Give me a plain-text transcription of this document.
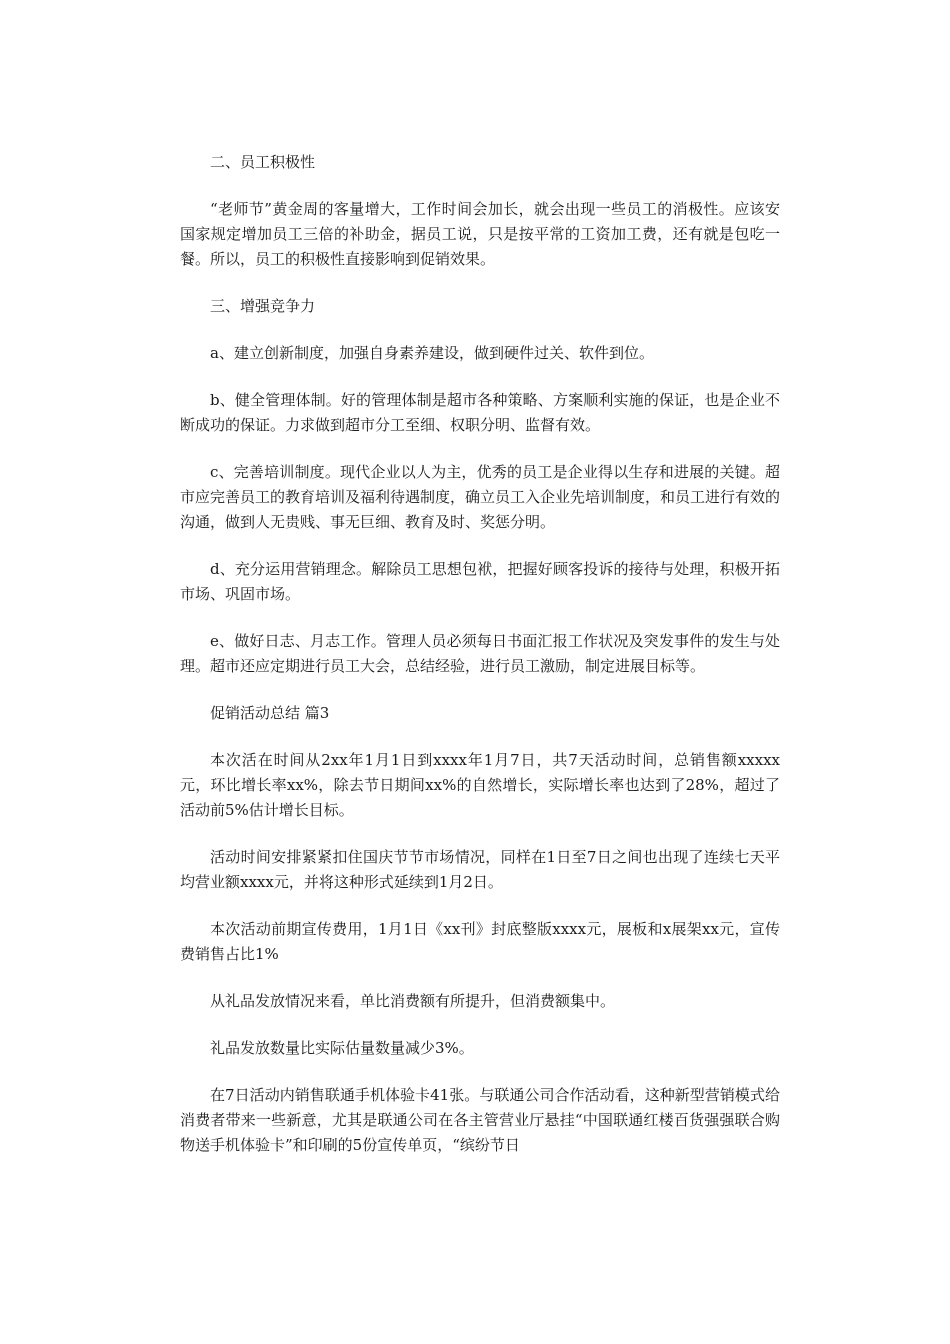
二、员工积极性

“老师节”黄金周的客量增大，工作时间会加长，就会出现一些员工的消极性。应该安国家规定增加员工三倍的补助金，据员工说，只是按平常的工资加工费，还有就是包吃一餐。所以，员工的积极性直接影响到促销效果。

三、增强竞争力

a、建立创新制度，加强自身素养建设，做到硬件过关、软件到位。

b、健全管理体制。好的管理体制是超市各种策略、方案顺利实施的保证，也是企业不断成功的保证。力求做到超市分工至细、权职分明、监督有效。

c、完善培训制度。现代企业以人为主，优秀的员工是企业得以生存和进展的关键。超市应完善员工的教育培训及福利待遇制度，确立员工入企业先培训制度，和员工进行有效的沟通，做到人无贵贱、事无巨细、教育及时、奖惩分明。

d、充分运用营销理念。解除员工思想包袱，把握好顾客投诉的接待与处理，积极开拓市场、巩固市场。

e、做好日志、月志工作。管理人员必须每日书面汇报工作状况及突发事件的发生与处理。超市还应定期进行员工大会，总结经验，进行员工激励，制定进展目标等。

促销活动总结 篇3

本次活在时间从2xx年1月1日到xxxx年1月7日，共7天活动时间，总销售额xxxxx元，环比增长率xx%，除去节日期间xx%的自然增长，实际增长率也达到了28%，超过了活动前5%估计增长目标。

活动时间安排紧紧扣住国庆节节市场情况，同样在1日至7日之间也出现了连续七天平均营业额xxxx元，并将这种形式延续到1月2日。

本次活动前期宣传费用，1月1日《xx刊》封底整版xxxx元，展板和x展架xx元，宣传费销售占比1%

从礼品发放情况来看，单比消费额有所提升，但消费额集中。

礼品发放数量比实际估量数量减少3%。

在7日活动内销售联通手机体验卡41张。与联通公司合作活动看，这种新型营销模式给消费者带来一些新意，尤其是联通公司在各主管营业厅悬挂“中国联通红楼百货强强联合购物送手机体验卡”和印刷的5份宣传单页，“缤纷节日
